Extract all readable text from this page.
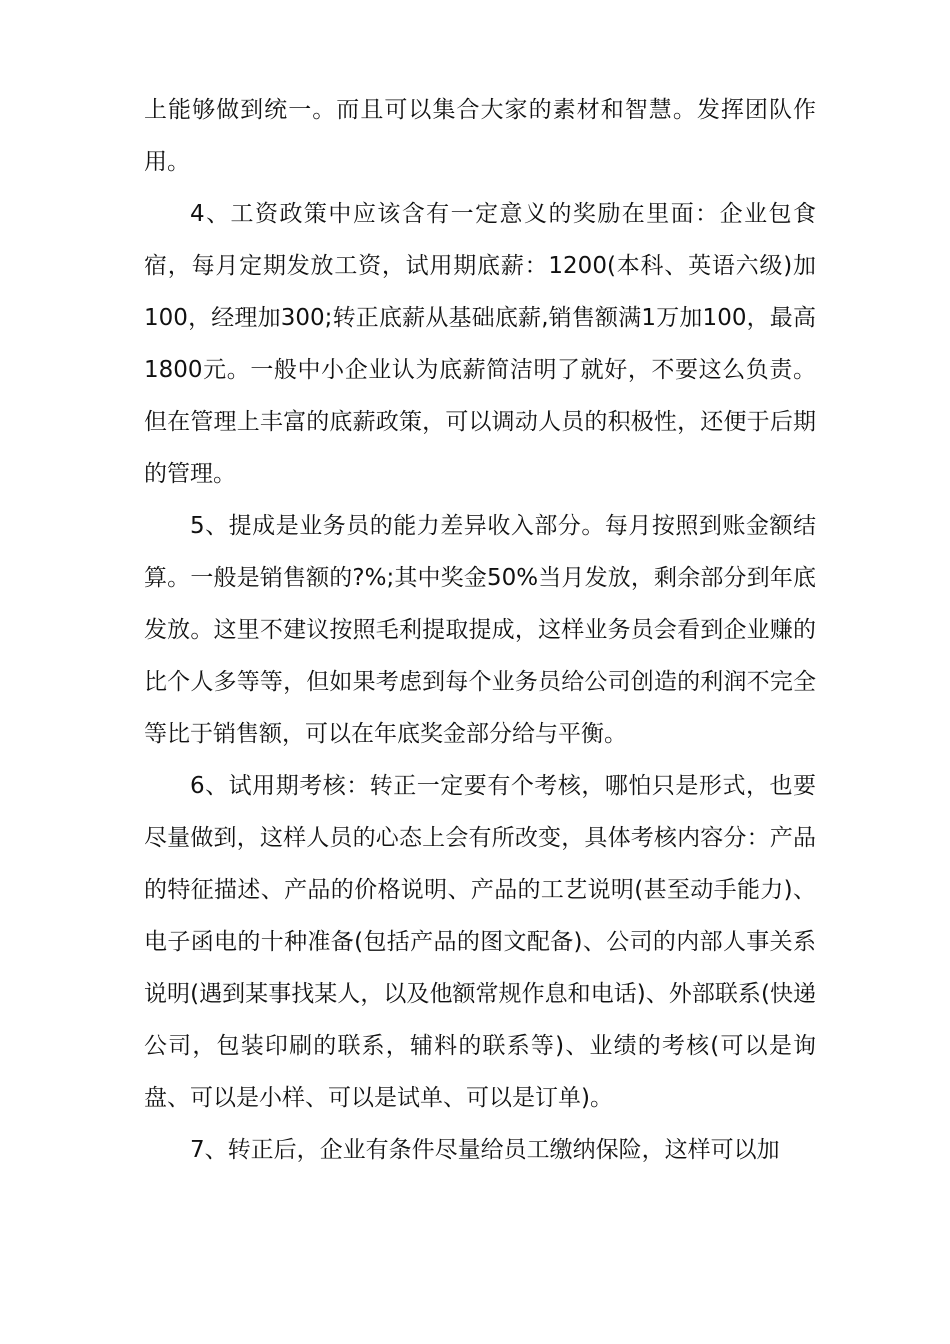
上能够做到统一。而且可以集合大家的素材和智慧。发挥团队作用。

4、工资政策中应该含有一定意义的奖励在里面：企业包食宿，每月定期发放工资，试用期底薪：1200(本科、英语六级)加100，经理加300;转正底薪从基础底薪,销售额满1万加100，最高1800元。一般中小企业认为底薪简洁明了就好，不要这么负责。但在管理上丰富的底薪政策，可以调动人员的积极性，还便于后期的管理。

5、提成是业务员的能力差异收入部分。每月按照到账金额结算。一般是销售额的?%;其中奖金50%当月发放，剩余部分到年底发放。这里不建议按照毛利提取提成，这样业务员会看到企业赚的比个人多等等，但如果考虑到每个业务员给公司创造的利润不完全等比于销售额，可以在年底奖金部分给与平衡。

6、试用期考核：转正一定要有个考核，哪怕只是形式，也要尽量做到，这样人员的心态上会有所改变，具体考核内容分：产品的特征描述、产品的价格说明、产品的工艺说明(甚至动手能力)、电子函电的十种准备(包括产品的图文配备)、公司的内部人事关系说明(遇到某事找某人，以及他额常规作息和电话)、外部联系(快递公司，包装印刷的联系，辅料的联系等)、业绩的考核(可以是询盘、可以是小样、可以是试单、可以是订单)。

7、转正后，企业有条件尽量给员工缴纳保险，这样可以加
